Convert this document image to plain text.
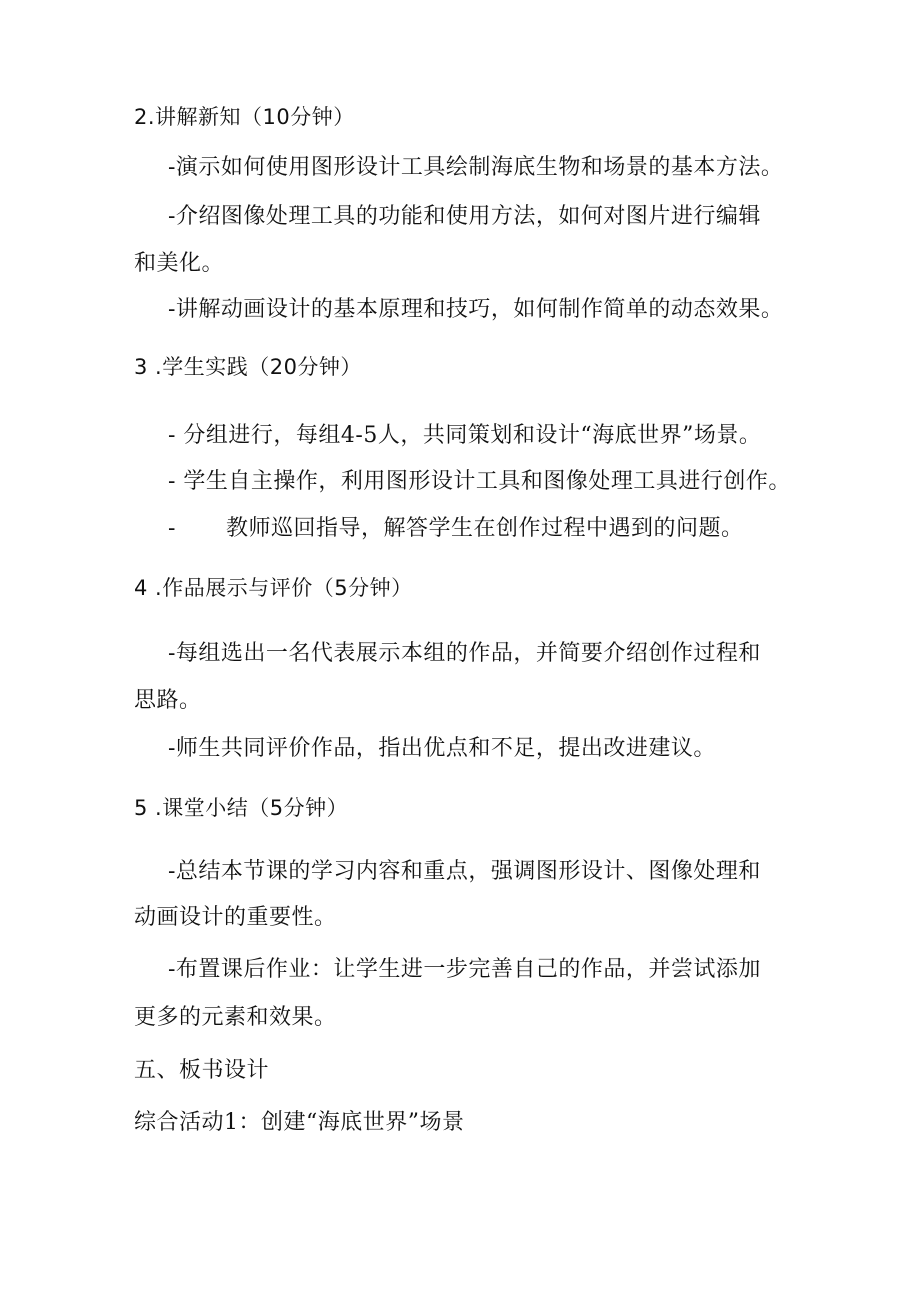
2.讲解新知（10分钟）
-演示如何使用图形设计工具绘制海底生物和场景的基本方法。
-介绍图像处理工具的功能和使用方法，如何对图片进行编辑
和美化。
-讲解动画设计的基本原理和技巧，如何制作简单的动态效果。
3 .学生实践（20分钟）
- 分组进行，每组4-5人，共同策划和设计“海底世界”场景。
- 学生自主操作，利用图形设计工具和图像处理工具进行创作。
- 教师巡回指导，解答学生在创作过程中遇到的问题。
4 .作品展示与评价（5分钟）
-每组选出一名代表展示本组的作品，并简要介绍创作过程和
思路。
-师生共同评价作品，指出优点和不足，提出改进建议。
5 .课堂小结（5分钟）
-总结本节课的学习内容和重点，强调图形设计、图像处理和
动画设计的重要性。
-布置课后作业：让学生进一步完善自己的作品，并尝试添加
更多的元素和效果。
五、板书设计
综合活动1：创建“海底世界”场景
